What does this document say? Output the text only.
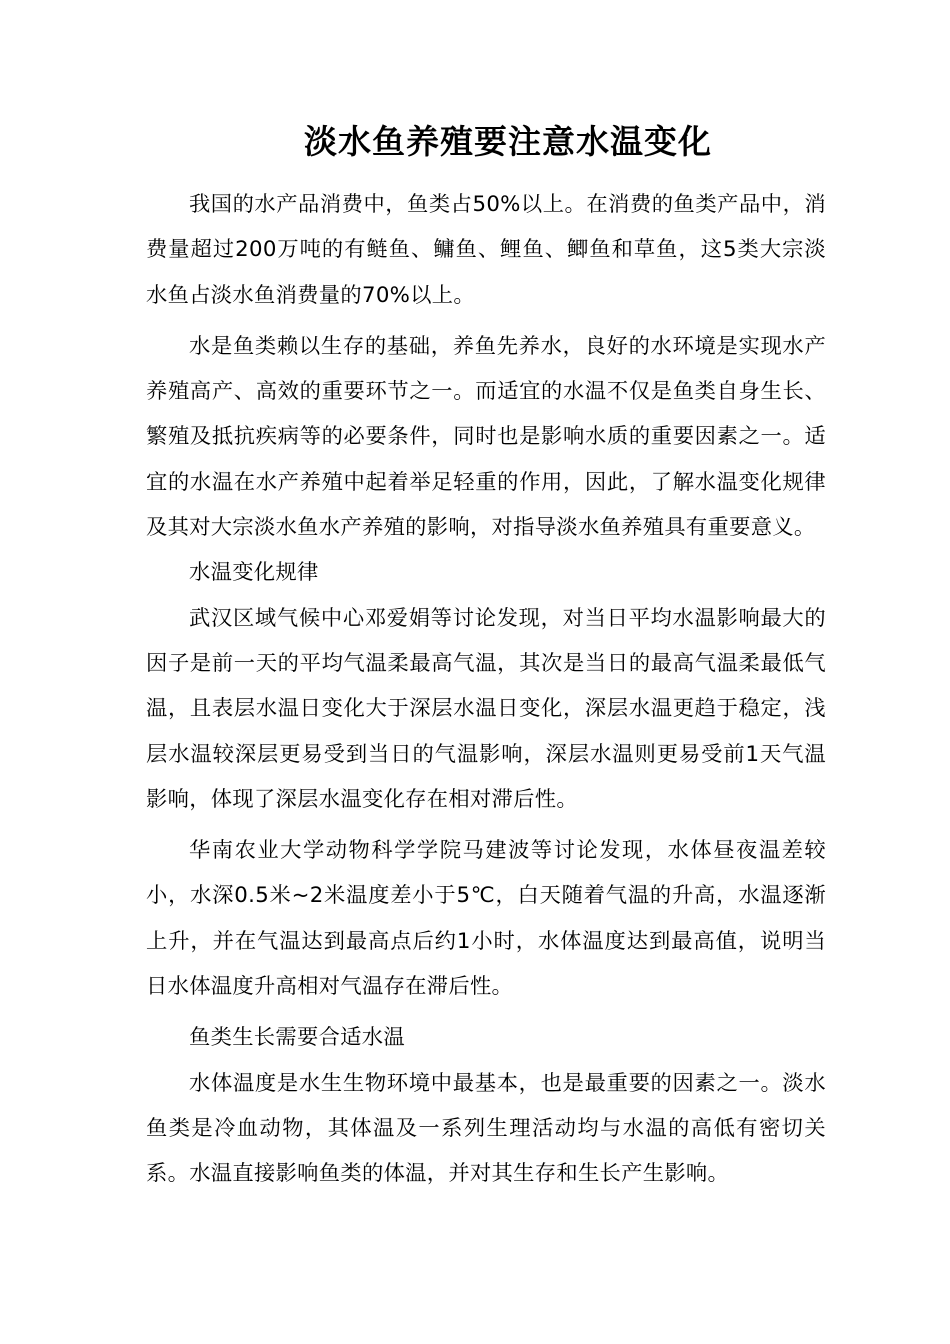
淡水鱼养殖要注意水温变化

我国的水产品消费中，鱼类占50%以上。在消费的鱼类产品中，消费量超过200万吨的有鲢鱼、鳙鱼、鲤鱼、鲫鱼和草鱼，这5类大宗淡水鱼占淡水鱼消费量的70%以上。

水是鱼类赖以生存的基础，养鱼先养水，良好的水环境是实现水产养殖高产、高效的重要环节之一。而适宜的水温不仅是鱼类自身生长、繁殖及抵抗疾病等的必要条件，同时也是影响水质的重要因素之一。适宜的水温在水产养殖中起着举足轻重的作用，因此，了解水温变化规律及其对大宗淡水鱼水产养殖的影响，对指导淡水鱼养殖具有重要意义。

水温变化规律

武汉区域气候中心邓爱娟等讨论发现，对当日平均水温影响最大的因子是前一天的平均气温柔最高气温，其次是当日的最高气温柔最低气温，且表层水温日变化大于深层水温日变化，深层水温更趋于稳定，浅层水温较深层更易受到当日的气温影响，深层水温则更易受前1天气温影响，体现了深层水温变化存在相对滞后性。

华南农业大学动物科学学院马建波等讨论发现，水体昼夜温差较小，水深0.5米~2米温度差小于5℃，白天随着气温的升高，水温逐渐上升，并在气温达到最高点后约1小时，水体温度达到最高值，说明当日水体温度升高相对气温存在滞后性。

鱼类生长需要合适水温

水体温度是水生生物环境中最基本，也是最重要的因素之一。淡水鱼类是冷血动物，其体温及一系列生理活动均与水温的高低有密切关系。水温直接影响鱼类的体温，并对其生存和生长产生影响。
